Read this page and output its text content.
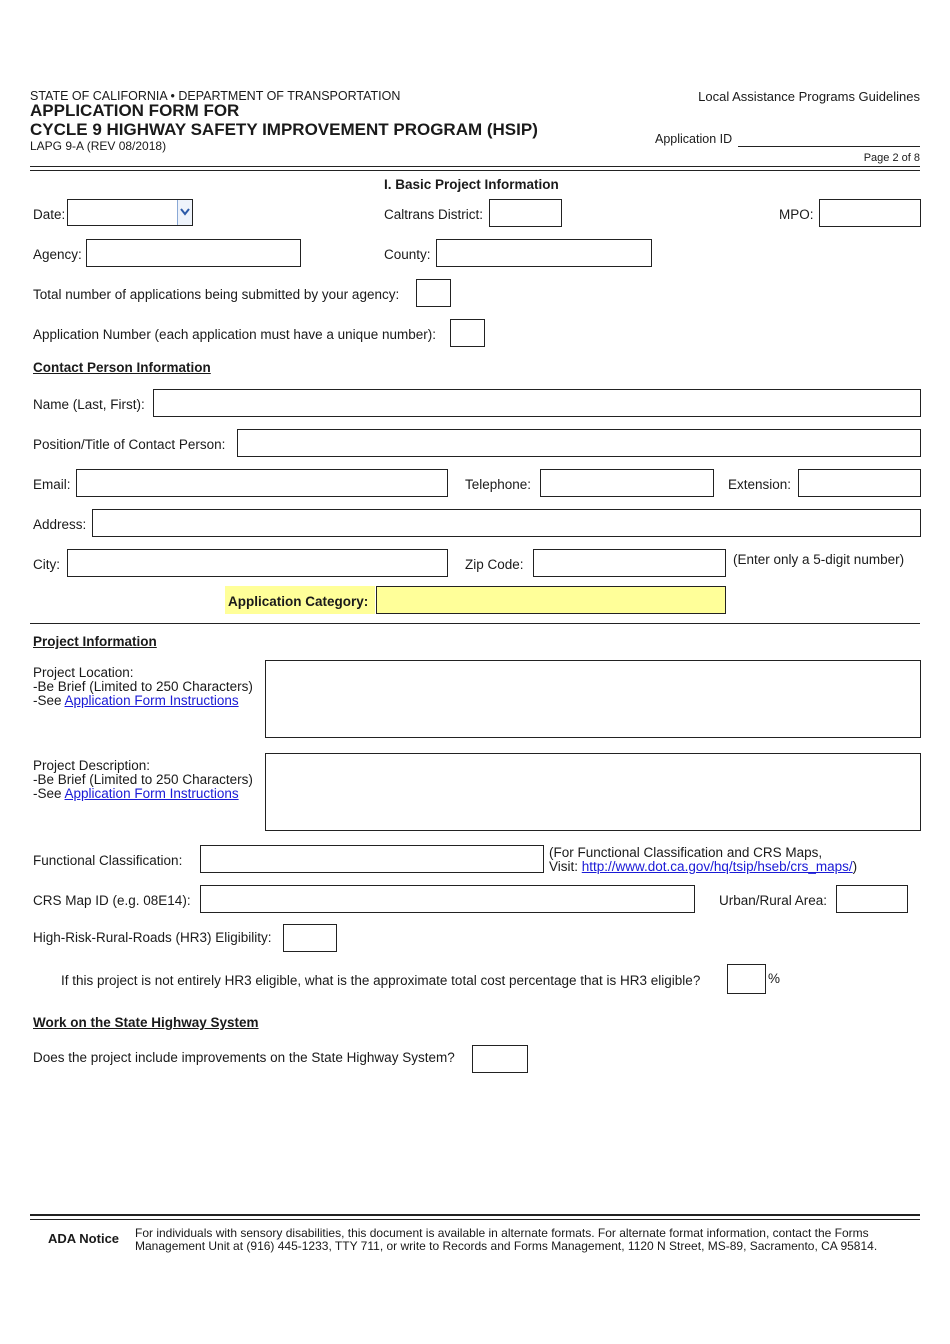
STATE OF CALIFORNIA • DEPARTMENT OF TRANSPORTATION
APPLICATION FORM FOR
CYCLE 9 HIGHWAY SAFETY IMPROVEMENT PROGRAM (HSIP)
LAPG 9-A (REV 08/2018)
Local Assistance Programs Guidelines
Application ID
Page 2 of 8
I. Basic Project Information
Date:	Caltrans District:	MPO:
Agency:	County:
Total number of applications being submitted by your agency:
Application Number (each application must have a unique number):
Contact Person Information
Name (Last, First):
Position/Title of Contact Person:
Email:	Telephone:	Extension:
Address:
City:	Zip Code:	(Enter only a 5-digit number)
Application Category:
Project Information
Project Location:
-Be Brief (Limited to 250 Characters)
-See Application Form Instructions
Project Description:
-Be Brief (Limited to 250 Characters)
-See Application Form Instructions
Functional Classification:
(For Functional Classification and CRS Maps,
Visit: http://www.dot.ca.gov/hq/tsip/hseb/crs_maps/)
CRS Map ID (e.g. 08E14):	Urban/Rural Area:
High-Risk-Rural-Roads (HR3) Eligibility:
If this project is not entirely HR3 eligible, what is the approximate total cost percentage that is HR3 eligible?	%
Work on the State Highway System
Does the project include improvements on the State Highway System?
ADA Notice For individuals with sensory disabilities, this document is available in alternate formats. For alternate format information, contact the Forms
Management Unit at (916) 445-1233, TTY 711, or write to Records and Forms Management, 1120 N Street, MS-89, Sacramento, CA 95814.
